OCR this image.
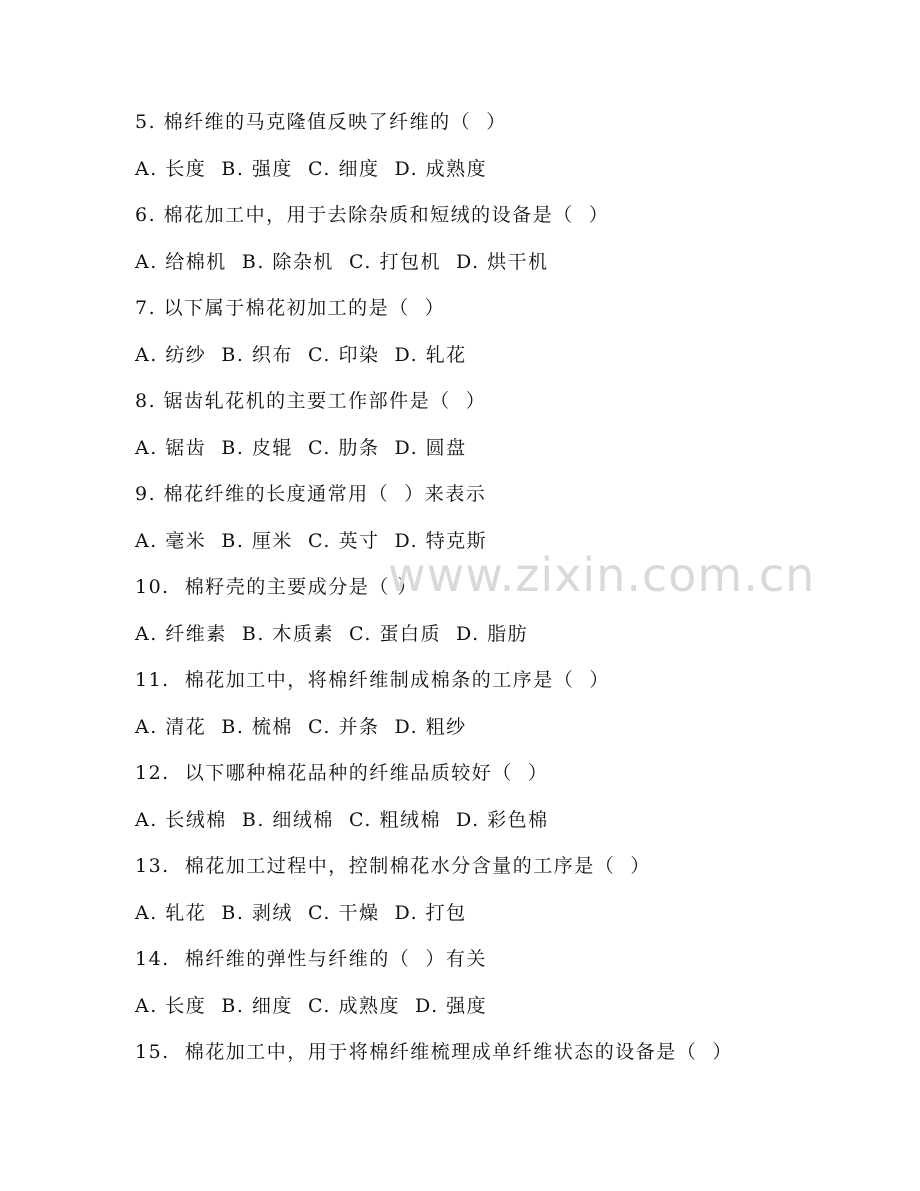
5. 棉纤维的马克隆值反映了纤维的（  ）
A. 长度  B. 强度  C. 细度  D. 成熟度
6. 棉花加工中，用于去除杂质和短绒的设备是（  ）
A. 给棉机  B. 除杂机  C. 打包机  D. 烘干机
7. 以下属于棉花初加工的是（  ）
A. 纺纱  B. 织布  C. 印染  D. 轧花
8. 锯齿轧花机的主要工作部件是（  ）
A. 锯齿  B. 皮辊  C. 肋条  D. 圆盘
9. 棉花纤维的长度通常用（  ）来表示
A. 毫米  B. 厘米  C. 英寸  D. 特克斯
10.  棉籽壳的主要成分是（ ）
A. 纤维素  B. 木质素  C. 蛋白质  D. 脂肪
11.  棉花加工中，将棉纤维制成棉条的工序是（  ）
A. 清花  B. 梳棉  C. 并条  D. 粗纱
12.  以下哪种棉花品种的纤维品质较好（  ）
A. 长绒棉  B. 细绒棉  C. 粗绒棉  D. 彩色棉
13.  棉花加工过程中，控制棉花水分含量的工序是（  ）
A. 轧花  B. 剥绒  C. 干燥  D. 打包
14.  棉纤维的弹性与纤维的（  ）有关
A. 长度  B. 细度  C. 成熟度  D. 强度
15.  棉花加工中，用于将棉纤维梳理成单纤维状态的设备是（  ）
www.zixin.com.cn
